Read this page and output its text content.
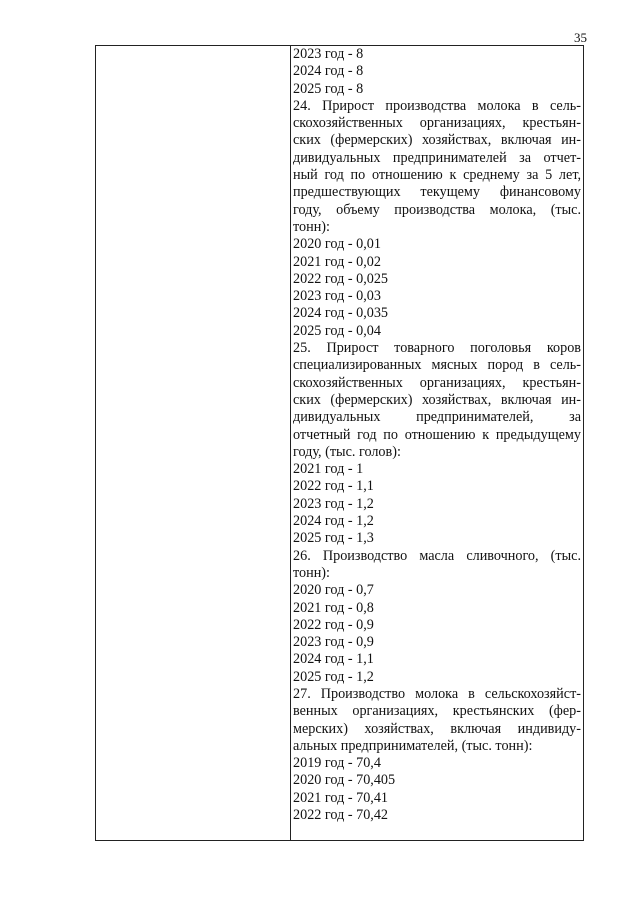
35
2023 год - 8
2024 год - 8
2025 год - 8
24. Прирост производства молока в сель-
скохозяйственных организациях, крестьян-
ских (фермерских) хозяйствах, включая ин-
дивидуальных предпринимателей за отчет-
ный год по отношению к среднему за 5 лет,
предшествующих текущему финансовому
году, объему производства молока, (тыс.
тонн):
2020 год - 0,01
2021 год - 0,02
2022 год - 0,025
2023 год - 0,03
2024 год - 0,035
2025 год - 0,04
25. Прирост товарного поголовья коров
специализированных мясных пород в сель-
скохозяйственных организациях, крестьян-
ских (фермерских) хозяйствах, включая ин-
дивидуальных предпринимателей, за
отчетный год по отношению к предыдущему
году, (тыс. голов):
2021 год - 1
2022 год - 1,1
2023 год - 1,2
2024 год - 1,2
2025 год - 1,3
26. Производство масла сливочного, (тыс.
тонн):
2020 год - 0,7
2021 год - 0,8
2022 год - 0,9
2023 год - 0,9
2024 год - 1,1
2025 год - 1,2
27. Производство молока в сельскохозяйст-
венных организациях, крестьянских (фер-
мерских) хозяйствах, включая индивиду-
альных предпринимателей, (тыс. тонн):
2019 год - 70,4
2020 год - 70,405
2021 год - 70,41
2022 год - 70,42
